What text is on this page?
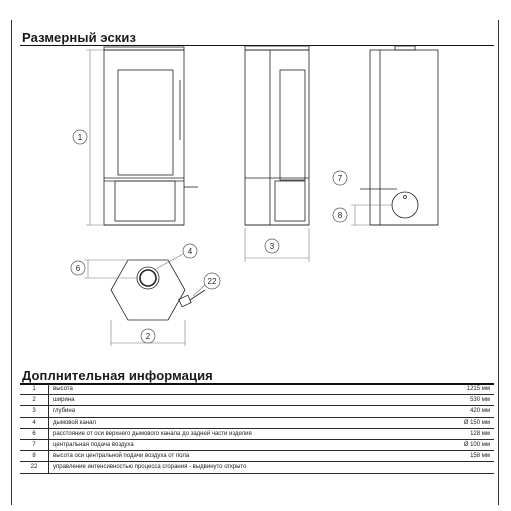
Размерный эскиз
1
3
2
4
6
22
7
8
Доплнительная информация
1	высота	1215 мм
2	ширина	530 мм
3	глубина	420 мм
4	дымовой канал	Ø 150 мм
6	расстояние от оси верхнего дымового канала до задней части изделия	128 мм
7	центральная подача воздуха	Ø 100 мм
8	высота оси центральной подачи воздуха от пола	158 мм
22	управление интенсивностью процесса сгорания - выдвинуто открыто	
